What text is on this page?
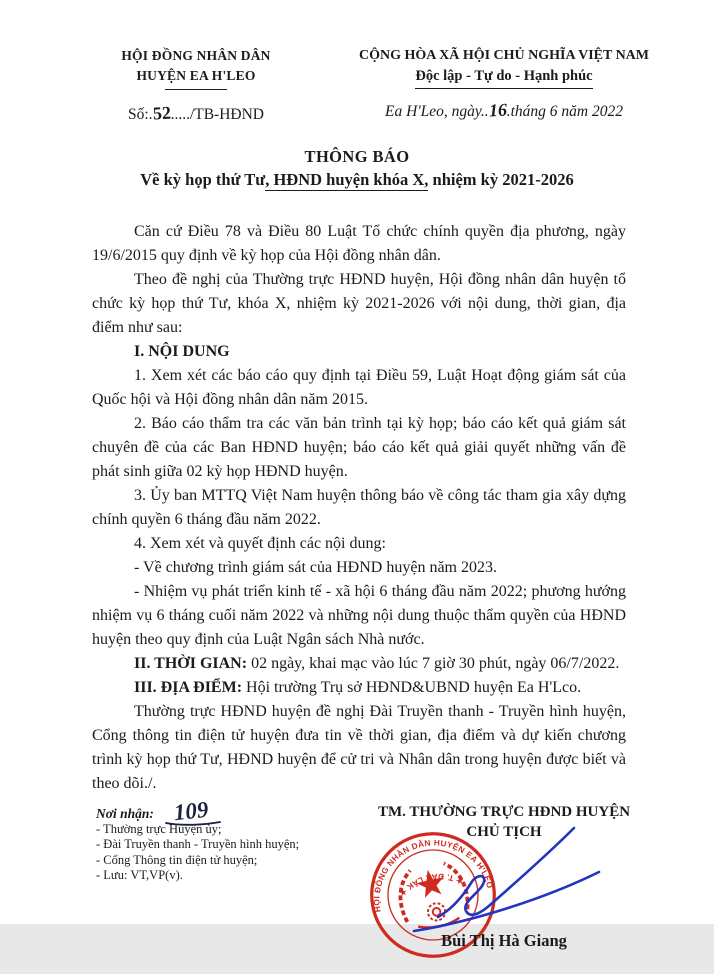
HỘI ĐỒNG NHÂN DÂN
HUYỆN EA H'LEO
Số:.52...../TB-HĐND
CỘNG HÒA XÃ HỘI CHỦ NGHĨA VIỆT NAM
Độc lập - Tự do - Hạnh phúc
Ea H'Leo, ngày..16.tháng 6 năm 2022
THÔNG BÁO
Về kỳ họp thứ Tư, HĐND huyện khóa X, nhiệm kỳ 2021-2026

Căn cứ Điều 78 và Điều 80 Luật Tổ chức chính quyền địa phương, ngày 19/6/2015 quy định về kỳ họp của Hội đồng nhân dân.

Theo đề nghị của Thường trực HĐND huyện, Hội đồng nhân dân huyện tổ chức kỳ họp thứ Tư, khóa X, nhiệm kỳ 2021-2026 với nội dung, thời gian, địa điểm như sau:

I. NỘI DUNG

1. Xem xét các báo cáo quy định tại Điều 59, Luật Hoạt động giám sát của Quốc hội và Hội đồng nhân dân năm 2015.

2. Báo cáo thẩm tra các văn bản trình tại kỳ họp; báo cáo kết quả giám sát chuyên đề của các Ban HĐND huyện; báo cáo kết quả giải quyết những vấn đề phát sinh giữa 02 kỳ họp HĐND huyện.

3. Ủy ban MTTQ Việt Nam huyện thông báo về công tác tham gia xây dựng chính quyền 6 tháng đầu năm 2022.

4. Xem xét và quyết định các nội dung:

- Về chương trình giám sát của HĐND huyện năm 2023.

- Nhiệm vụ phát triển kinh tế - xã hội 6 tháng đầu năm 2022; phương hướng nhiệm vụ 6 tháng cuối năm 2022 và những nội dung thuộc thẩm quyền của HĐND huyện theo quy định của Luật Ngân sách Nhà nước.

II. THỜI GIAN: 02 ngày, khai mạc vào lúc 7 giờ 30 phút, ngày 06/7/2022.

III. ĐỊA ĐIỂM: Hội trường Trụ sở HĐND&UBND huyện Ea H'Lco.

Thường trực HĐND huyện đề nghị Đài Truyền thanh - Truyền hình huyện, Cổng thông tin điện tử huyện đưa tin về thời gian, địa điểm và dự kiến chương trình kỳ họp thứ Tư, HĐND huyện để cử tri và Nhân dân trong huyện được biết và theo dõi./.

Nơi nhận:
- Thường trực Huyện ủy;
- Đài Truyền thanh - Truyền hình huyện;
- Cổng Thông tin điện tử huyện;
- Lưu: VT,VP(v).
109	TM. THƯỜNG TRỰC HĐND HUYỆN
CHỦ TỊCH
HỘI ĐỒNG NHÂN DÂN HUYỆN EA H'LEO
★ T. ĐẮK LẮK ★
Bùi Thị Hà Giang
